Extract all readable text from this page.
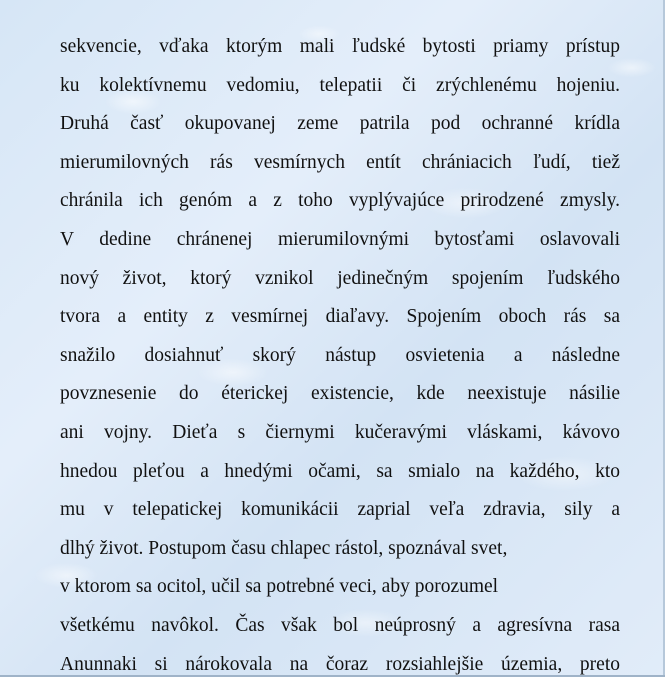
sekvencie, vďaka ktorým mali ľudské bytosti priamy prístup
ku kolektívnemu vedomiu, telepatii či zrýchlenému hojeniu.
Druhá časť okupovanej zeme patrila pod ochranné krídla
mierumilovných rás vesmírnych entít chrániacich ľudí, tiež
chránila ich genóm a z toho vyplývajúce prirodzené zmysly.
V dedine chránenej mierumilovnými bytosťami oslavovali
nový život, ktorý vznikol jedinečným spojením ľudského
tvora a entity z vesmírnej diaľavy. Spojením oboch rás sa
snažilo dosiahnuť skorý nástup osvietenia a následne
povznesenie do éterickej existencie, kde neexistuje násilie
ani vojny. Dieťa s čiernymi kučeravými vláskami, kávovo
hnedou pleťou a hnedými očami, sa smialo na každého, kto
mu v telepatickej komunikácii zaprial veľa zdravia, sily a
dlhý život. Postupom času chlapec rástol, spoznával svet,
v ktorom sa ocitol, učil sa potrebné veci, aby porozumel
všetkému navôkol. Čas však bol neúprosný a agresívna rasa
Anunnaki si nárokovala na čoraz rozsiahlejšie územia, preto
